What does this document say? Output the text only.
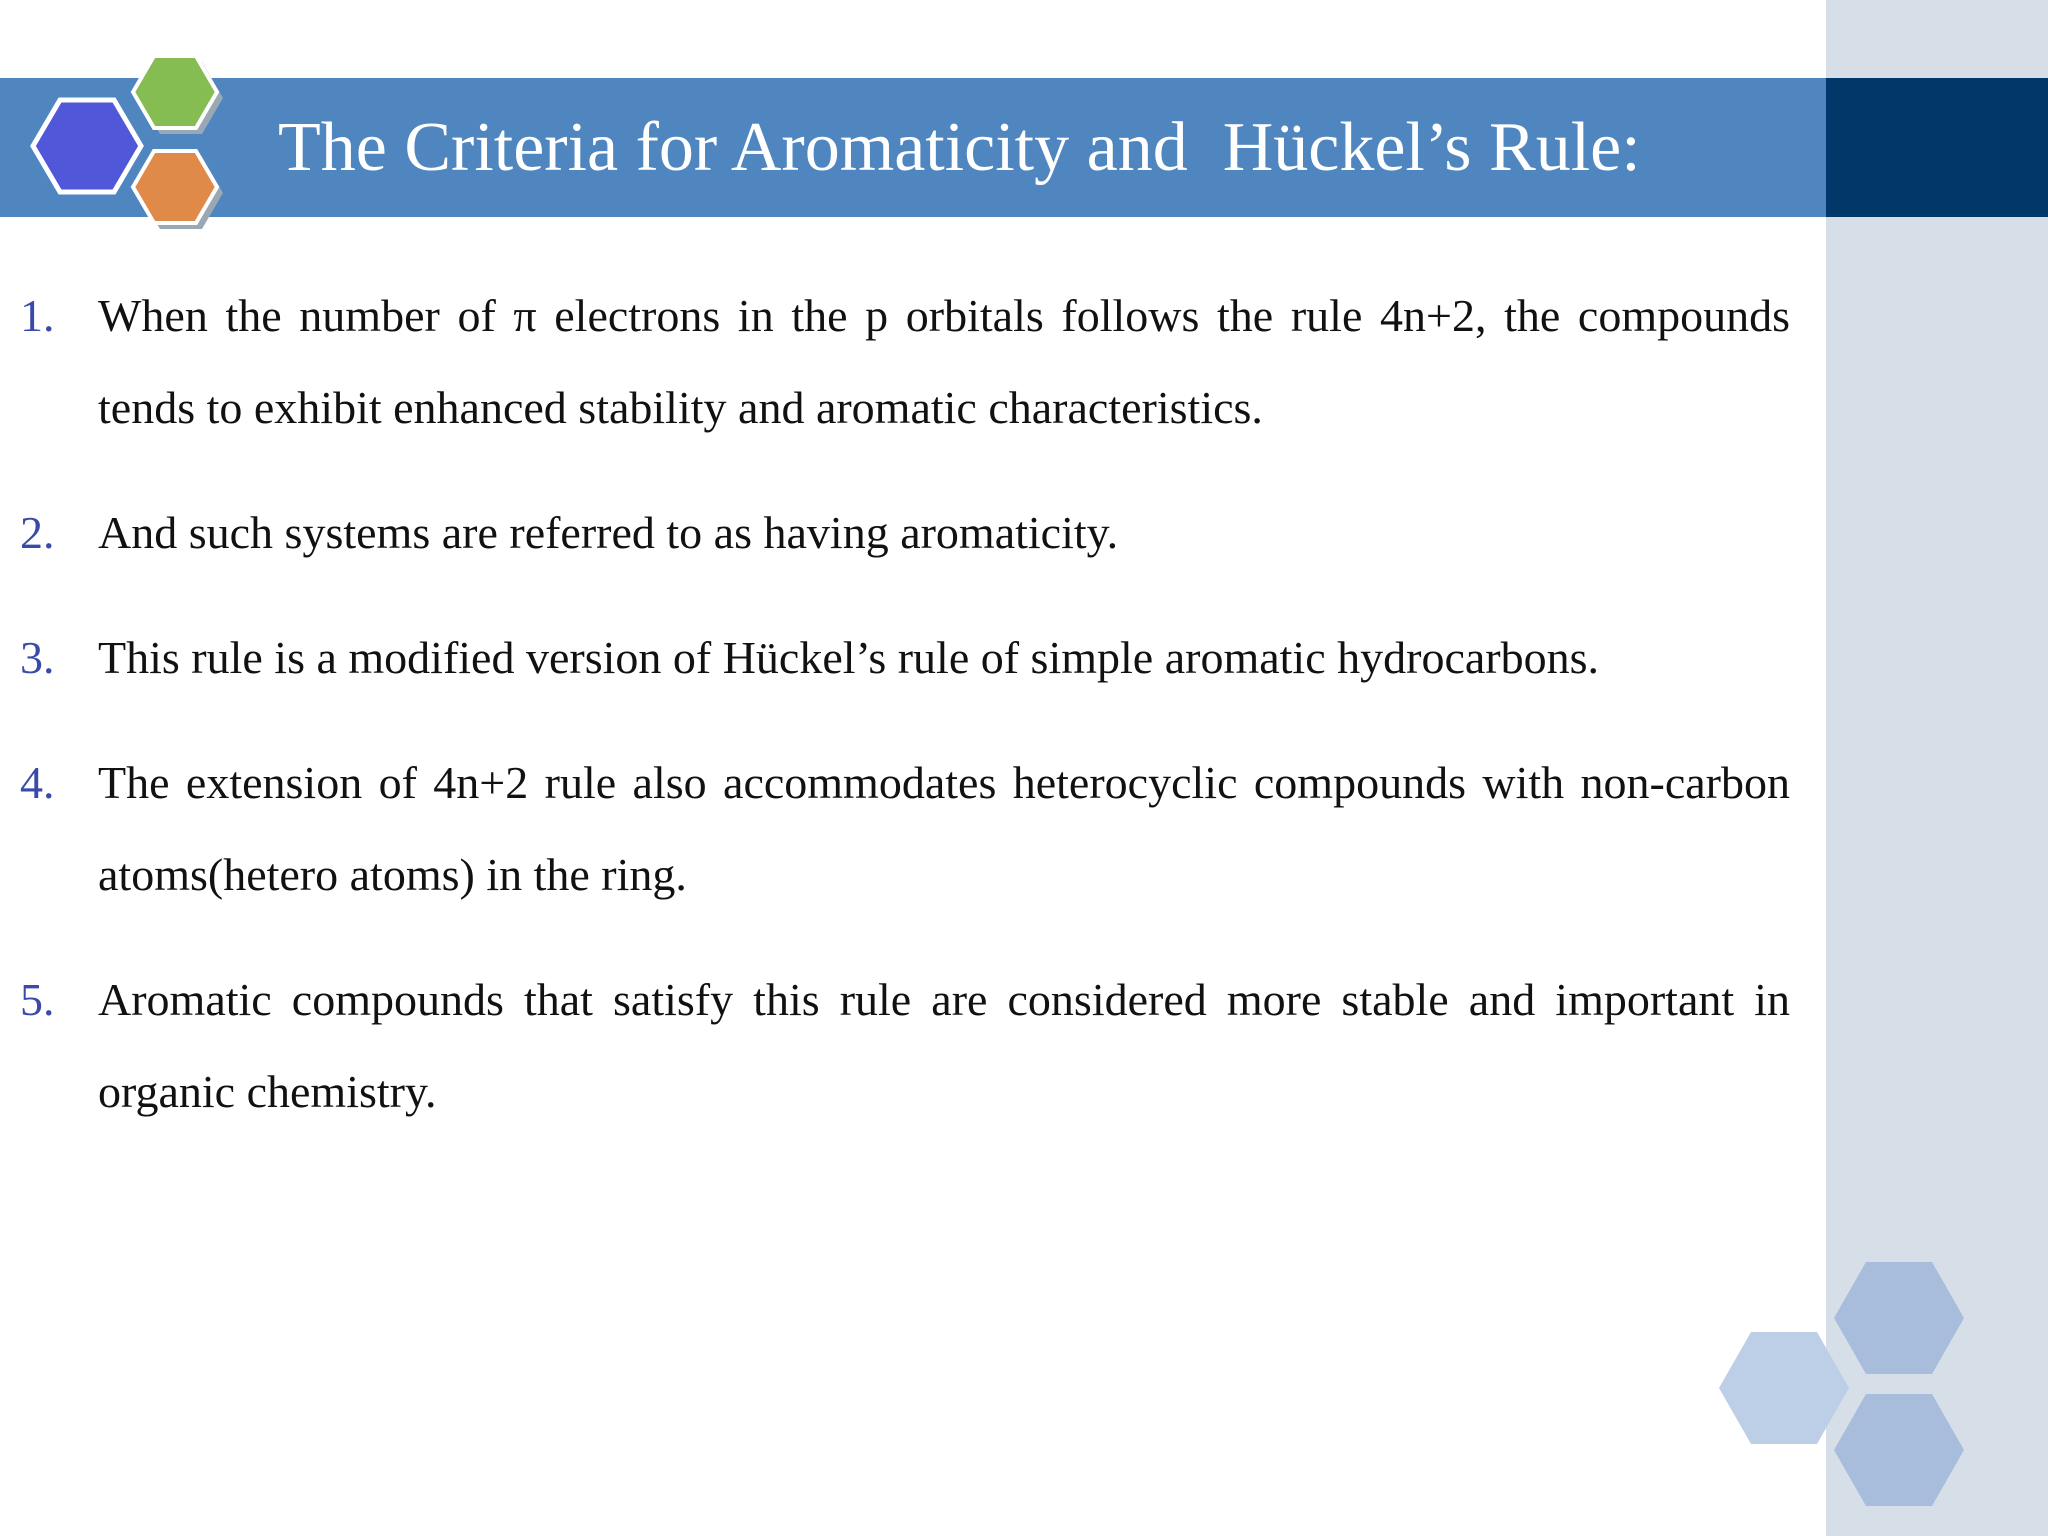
The Criteria for Aromaticity and  Hückel’s Rule:
1. When the number of π electrons in the p orbitals follows the rule 4n+2, the compounds tends to exhibit enhanced stability and aromatic characteristics.
2. And such systems are referred to as having aromaticity.
3. This rule is a modified version of Hückel’s rule of simple aromatic hydrocarbons.
4. The extension of 4n+2 rule also accommodates heterocyclic compounds with non-carbon atoms(hetero atoms) in the ring.
5. Aromatic compounds that satisfy this rule are considered more stable and important in organic chemistry.
